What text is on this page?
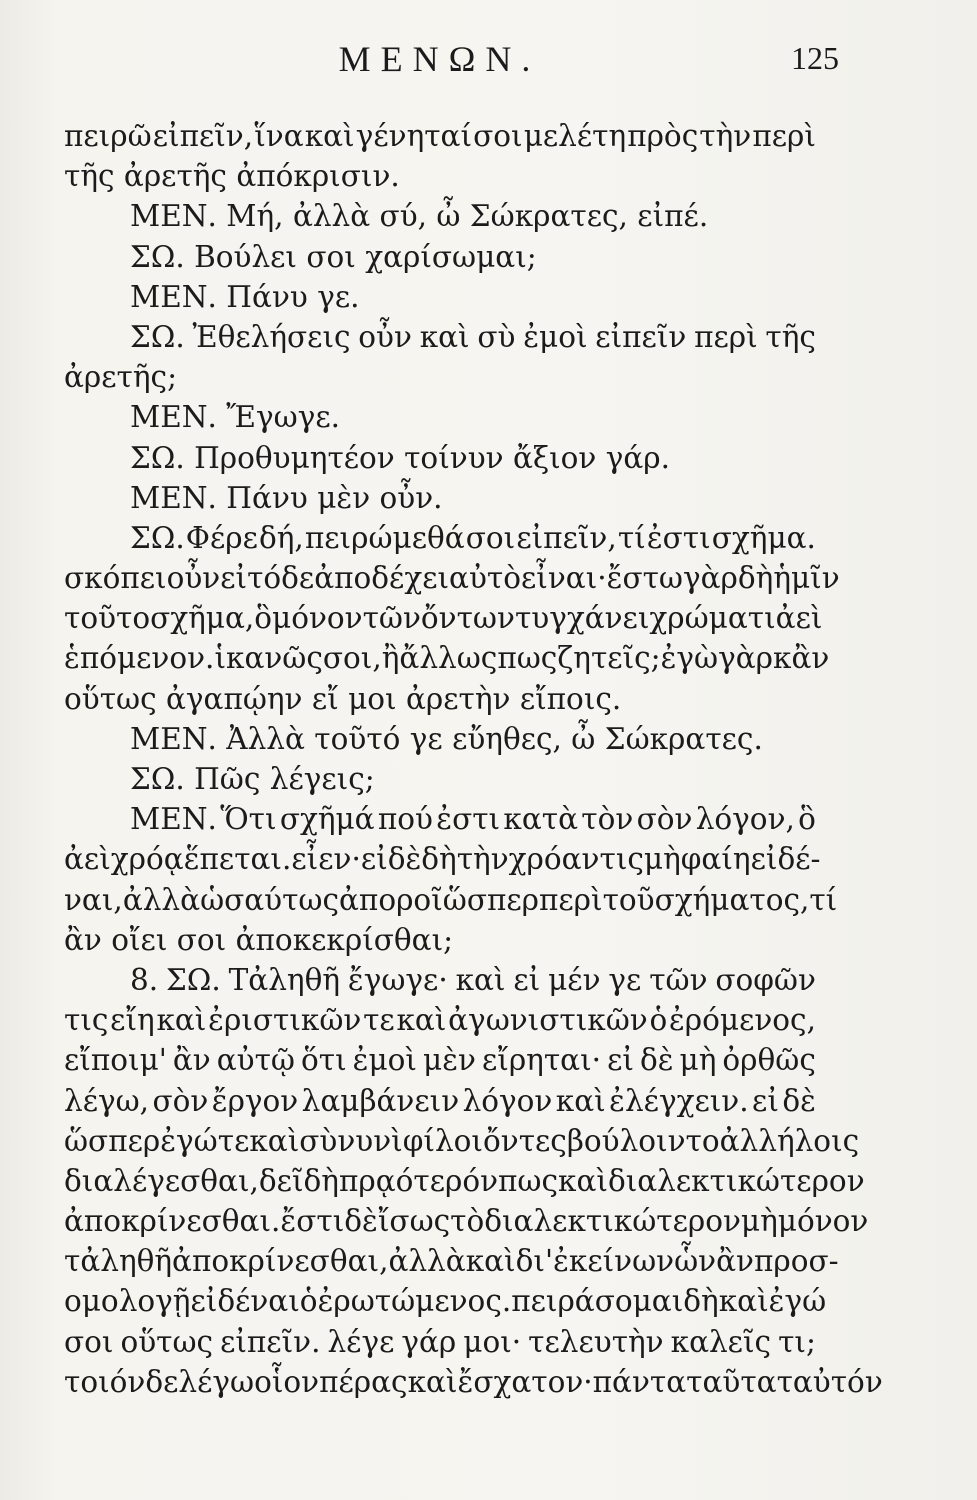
ΜΕΝΩΝ.	125
πειρῶ εἰπεῖν, ἵνα καὶ γένηταί σοι μελέτη πρὸς τὴν περὶ
τῆς ἀρετῆς ἀπόκρισιν.
ΜΕΝ. Μή, ἀλλὰ σύ, ὦ Σώκρατες, εἰπέ.
ΣΩ. Βούλει σοι χαρίσωμαι;
ΜΕΝ. Πάνυ γε.
ΣΩ. Ἐθελήσεις οὖν καὶ σὺ ἐμοὶ εἰπεῖν περὶ τῆς
ἀρετῆς;
ΜΕΝ. Ἔγωγε.
ΣΩ. Προθυμητέον τοίνυν ἄξιον γάρ.
ΜΕΝ. Πάνυ μὲν οὖν.
ΣΩ. Φέρε δή, πειρώμεθά σοι εἰπεῖν, τί ἐστι σχῆμα.
σκόπει οὖν εἰ τόδε ἀποδέχει αὐτὸ εἶναι·ἔστω γὰρ δὴ ἡμῖν
τοῦτο σχῆμα, ὃ μόνον τῶν ὄντων τυγχάνει χρώματι ἀεὶ
ἑπόμενον. ἱκανῶς σοι, ἢ ἄλλως πως ζητεῖς; ἐγὼ γὰρ κἂν
οὕτως ἀγαπῴην εἴ μοι ἀρετὴν εἴποις.
ΜΕΝ. Ἀλλὰ τοῦτό γε εὔηθες, ὦ Σώκρατες.
ΣΩ. Πῶς λέγεις;
ΜΕΝ. Ὅτι σχῆμά πού ἐστι κατὰ τὸν σὸν λόγον, ὃ
ἀεὶ χρόᾳ ἕπεται. εἶεν· εἰ δὲ δὴ τὴν χρόαν τις μὴ φαίη εἰδέ-
ναι, ἀλλὰ ὡσαύτως ἀποροῖ ὥσπερ περὶ τοῦ σχήματος, τί
ἂν οἴει σοι ἀποκεκρίσθαι;
8. ΣΩ. Τἀληθῆ ἔγωγε· καὶ εἰ μέν γε τῶν σοφῶν
τις εἴη καὶ ἐριστικῶν τε καὶ ἀγωνιστικῶν ὁ ἐρόμενος,
εἴποιμ' ἂν αὐτῷ ὅτι ἐμοὶ μὲν εἴρηται· εἰ δὲ μὴ ὀρθῶς
λέγω, σὸν ἔργον λαμβάνειν λόγον καὶ ἐλέγχειν. εἰ δὲ
ὥσπερ ἐγώ τε καὶ σὺ νυνὶ φίλοι ὄντες βούλοιντο ἀλλήλοις
διαλέγεσθαι, δεῖ δὴ πρᾳότερόν πως καὶ διαλεκτικώτερον
ἀποκρίνεσθαι. ἔστι δὲ ἴσως τὸ διαλεκτικώτερον μὴ μόνον
τἀληθῆ ἀποκρίνεσθαι,ἀλλὰ καὶ δι' ἐκείνων ὧν ἂν προσ-
ομολογῇ εἰδέναι ὁ ἐρωτώμενος. πειράσομαι δὴ καὶ ἐγώ
σοι οὕτως εἰπεῖν. λέγε γάρ μοι· τελευτὴν καλεῖς τι;
τοιόνδε λέγω οἷον πέρας καὶ ἔσχατον· πάντα ταῦτα ταὐτόν
